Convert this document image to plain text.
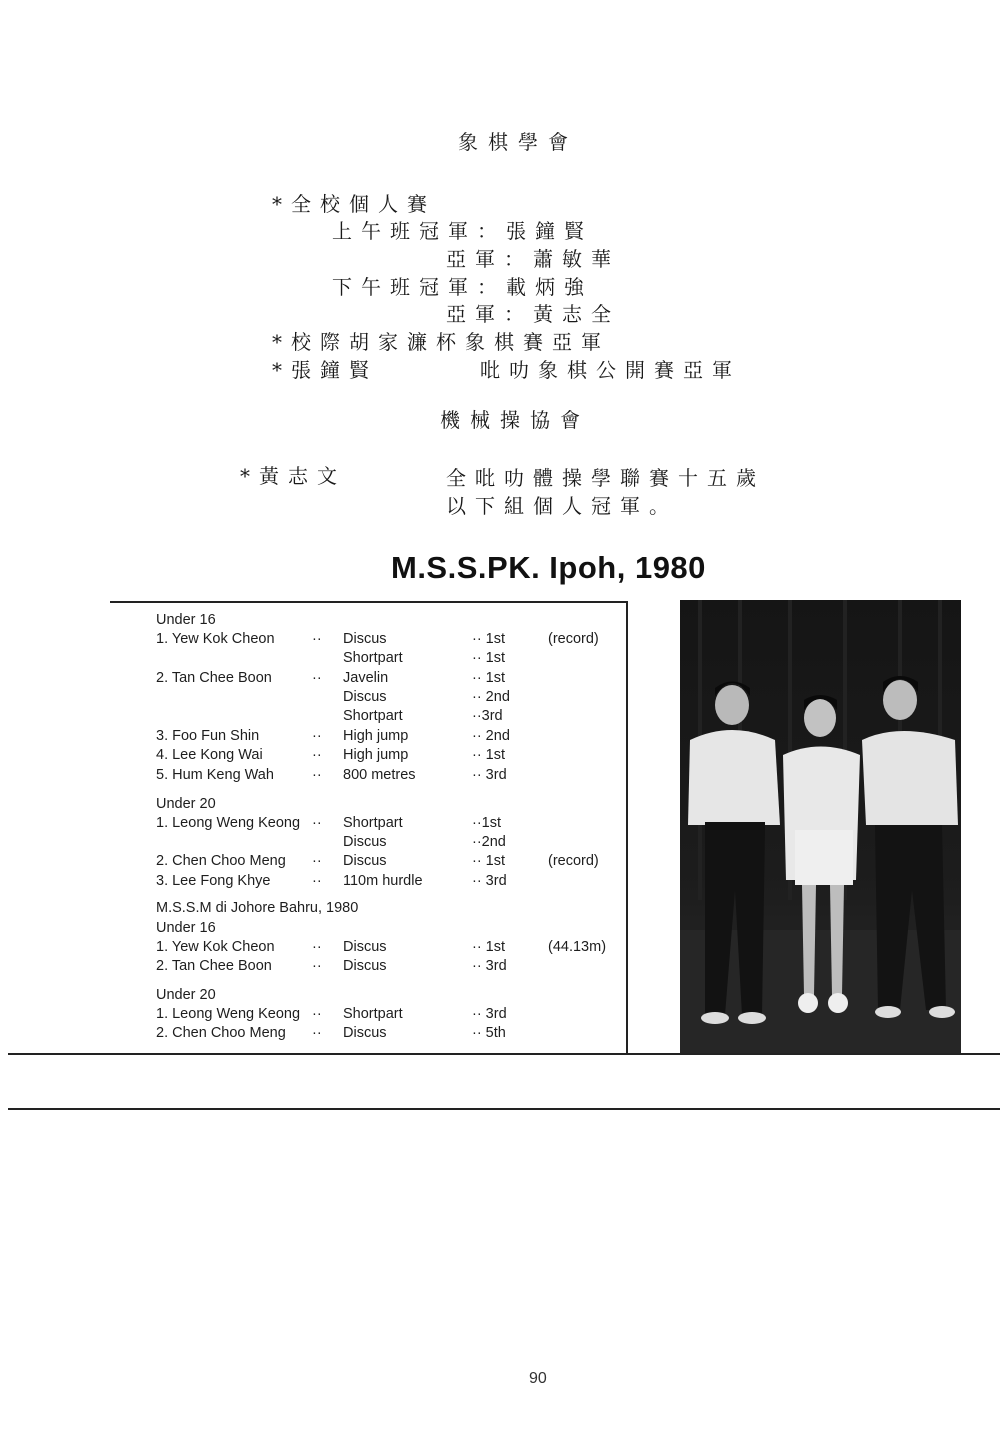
象棋學會
*全校個人賽
上午班冠軍：張鐘賢
亞軍：蕭敏華
下午班冠軍：載炳強
亞軍：黃志全
*校際胡家濂杯象棋賽亞軍
*張鐘賢	吡叻象棋公開賽亞軍
機械操協會
*黃志文	全吡叻體操學聯賽十五歲
以下組個人冠軍。
M.S.S.PK. Ipoh, 1980
Under 16
1. Yew Kok Cheon	·· Discus	·· 1st	(record)
Shortpart	·· 1st
2. Tan Chee Boon	·· Javelin	·· 1st
Discus	·· 2nd
Shortpart	··3rd
3. Foo Fun Shin	·· High jump	·· 2nd
4. Lee Kong Wai	·· High jump	·· 1st
5. Hum Keng Wah	·· 800 metres	·· 3rd
Under 20
1. Leong Weng Keong ·· Shortpart	··1st
Discus	··2nd
2. Chen Choo Meng ·· Discus	·· 1st	(record)
3. Lee Fong Khye	·· 110m hurdle	·· 3rd
M.S.S.M di Johore Bahru, 1980
Under 16
1. Yew Kok Cheon	·· Discus	·· 1st	(44.13m)
2. Tan Chee Boon	·· Discus	·· 3rd
Under 20
1. Leong Weng Keong ·· Shortpart	·· 3rd
2. Chen Choo Meng ·· Discus	·· 5th
90
